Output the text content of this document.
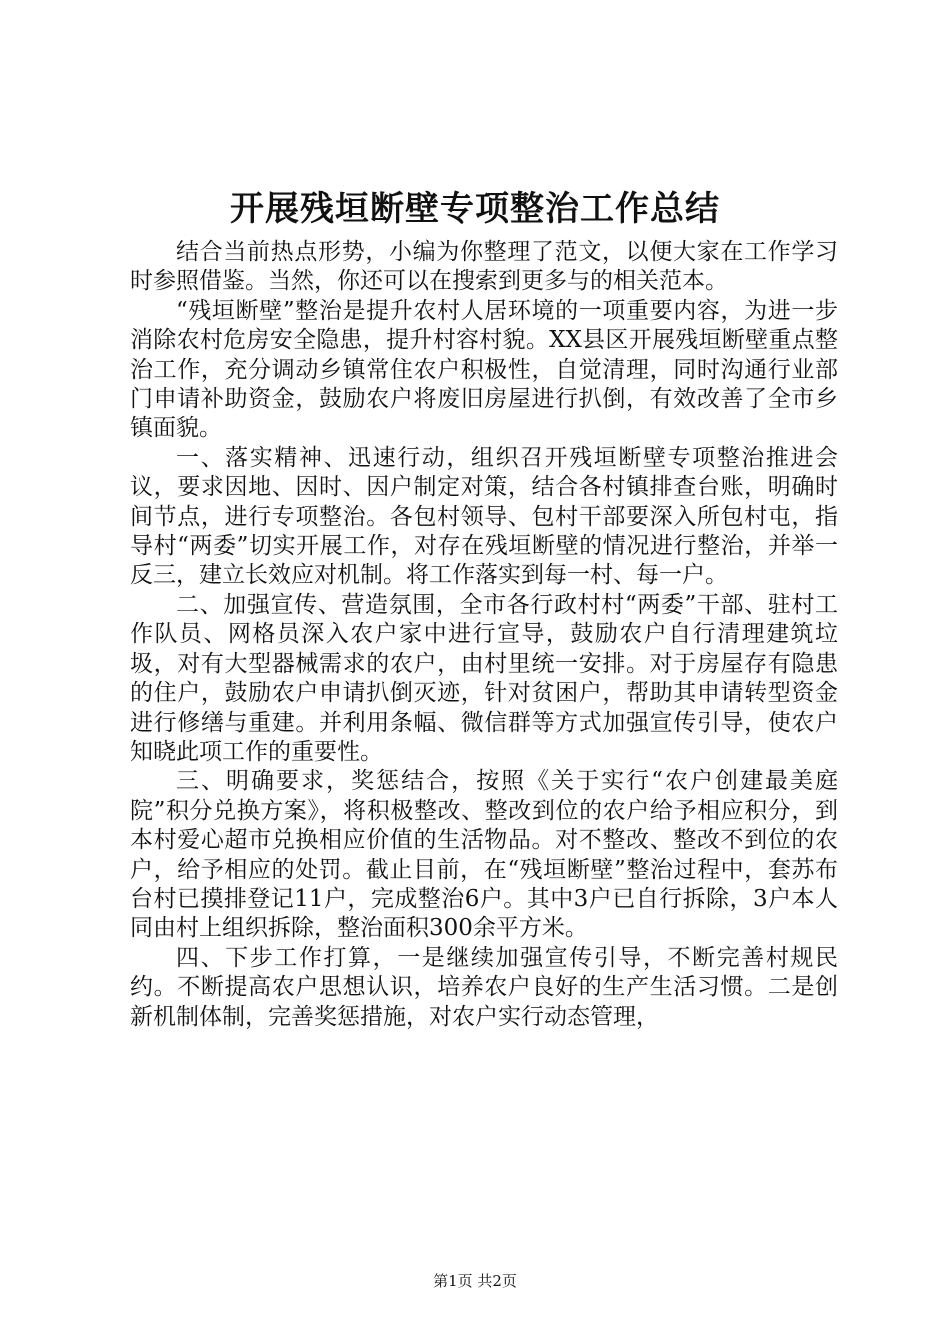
开展残垣断壁专项整治工作总结

结合当前热点形势，小编为你整理了范文，以便大家在工作学习时参照借鉴。当然，你还可以在搜索到更多与的相关范本。

“残垣断壁”整治是提升农村人居环境的一项重要内容，为进一步消除农村危房安全隐患，提升村容村貌。XX县区开展残垣断壁重点整治工作，充分调动乡镇常住农户积极性，自觉清理，同时沟通行业部门申请补助资金，鼓励农户将废旧房屋进行扒倒，有效改善了全市乡镇面貌。

一、落实精神、迅速行动，组织召开残垣断壁专项整治推进会议，要求因地、因时、因户制定对策，结合各村镇排查台账，明确时间节点，进行专项整治。各包村领导、包村干部要深入所包村屯，指导村“两委”切实开展工作，对存在残垣断壁的情况进行整治，并举一反三，建立长效应对机制。将工作落实到每一村、每一户。

二、加强宣传、营造氛围，全市各行政村村“两委”干部、驻村工作队员、网格员深入农户家中进行宣导，鼓励农户自行清理建筑垃圾，对有大型器械需求的农户，由村里统一安排。对于房屋存有隐患的住户，鼓励农户申请扒倒灭迹，针对贫困户，帮助其申请转型资金进行修缮与重建。并利用条幅、微信群等方式加强宣传引导，使农户知晓此项工作的重要性。

三、明确要求，奖惩结合，按照《关于实行“农户创建最美庭院”积分兑换方案》，将积极整改、整改到位的农户给予相应积分，到本村爱心超市兑换相应价值的生活物品。对不整改、整改不到位的农户，给予相应的处罚。截止目前，在“残垣断壁”整治过程中，套苏布台村已摸排登记11户，完成整治6户。其中3户已自行拆除，3户本人同由村上组织拆除，整治面积300余平方米。

四、下步工作打算，一是继续加强宣传引导，不断完善村规民约。不断提高农户思想认识，培养农户良好的生产生活习惯。二是创新机制体制，完善奖惩措施，对农户实行动态管理，

第1页 共2页
